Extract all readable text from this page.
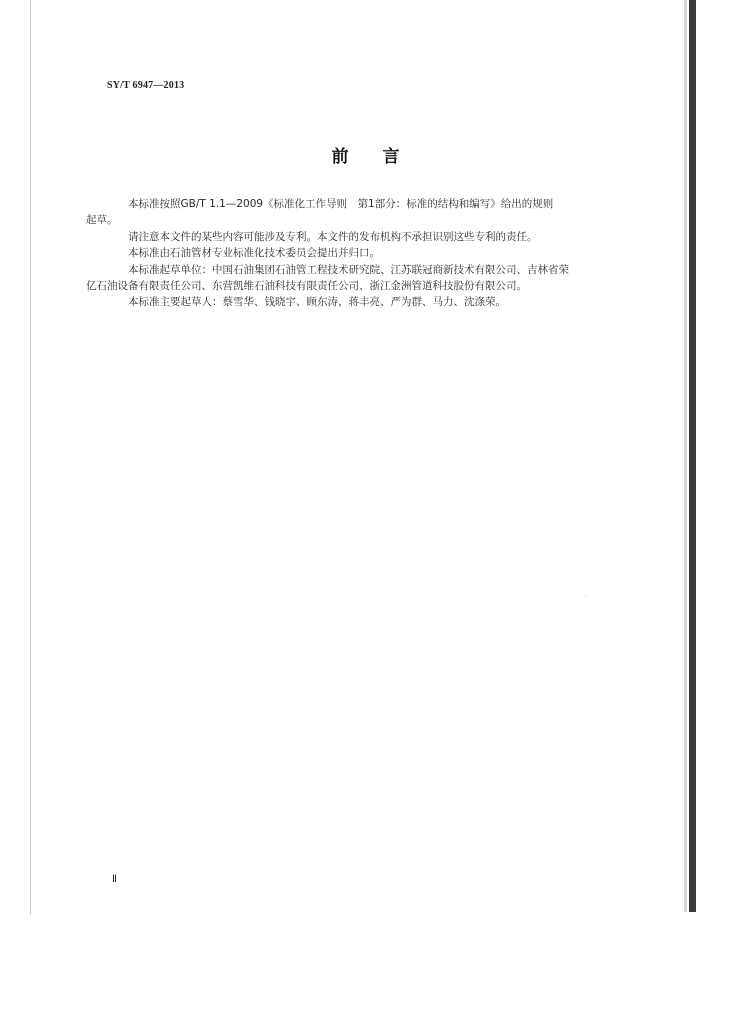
SY/T 6947—2013
前言

本标准按照GB/T 1.1—2009《标准化工作导则　第1部分：标准的结构和编写》给出的规则
起草。

请注意本文件的某些内容可能涉及专利。本文件的发布机构不承担识别这些专利的责任。

本标准由石油管材专业标准化技术委员会提出并归口。

本标准起草单位：中国石油集团石油管工程技术研究院、江苏联冠商新技术有限公司、吉林省荣
亿石油设备有限责任公司、东营凯维石油科技有限责任公司、浙江金洲管道科技股份有限公司。

本标准主要起草人：蔡雪华、钱晓宇、顾东涛、蒋丰亮、严为群、马力、沈涤荣。

Ⅱ
